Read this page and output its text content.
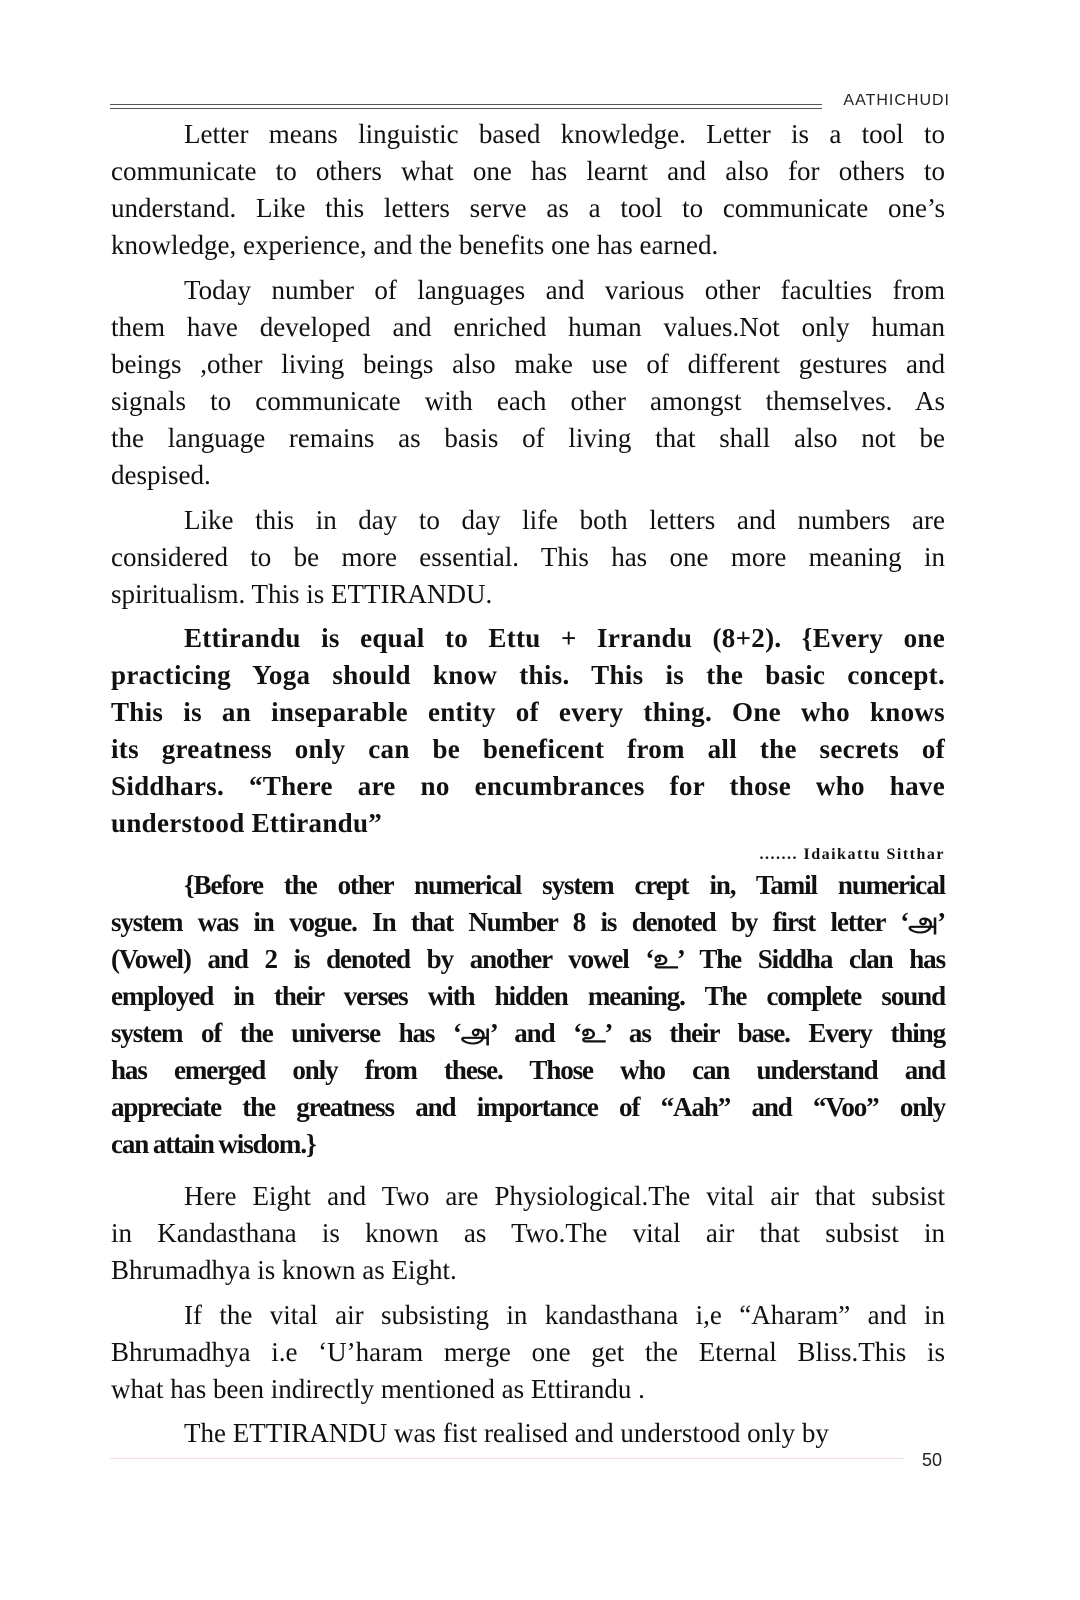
AATHICHUDI
Letter means linguistic based knowledge. Letter is a tool to
communicate to others what one has learnt and also for others to
understand. Like this letters serve as a tool to communicate one’s
knowledge, experience, and the benefits one has earned.
Today number of languages and various other faculties from
them have developed and enriched human values.Not only human
beings ,other living beings also make use of different gestures and
signals to communicate with each other amongst themselves. As
the language remains as basis of living that shall also not be
despised.
Like this in day to day life both letters and numbers are
considered to be more essential. This has one more meaning in
spiritualism. This is ETTIRANDU.
Ettirandu is equal to Ettu + Irrandu (8+2). {Every one
practicing Yoga should know this. This is the basic concept.
This is an inseparable entity of every thing. One who knows
its greatness only can be beneficent from all the secrets of
Siddhars. “There are no encumbrances for those who have
understood Ettirandu”
{Before the other numerical system crept in, Tamil numerical
system was in vogue. In that Number 8 is denoted by first letter ‘அ’
(Vowel) and 2 is denoted by another vowel ‘உ’ The Siddha clan has
employed in their verses with hidden meaning. The complete sound
system of the universe has ‘அ’ and ‘உ’ as their base. Every thing
has emerged only from these. Those who can understand and
appreciate the greatness and importance of “Aah” and “Voo” only
can attain wisdom.}
Here Eight and Two are Physiological.The vital air that subsist
in Kandasthana is known as Two.The vital air that subsist in
Bhrumadhya is known as Eight.
If the vital air subsisting in kandasthana i,e “Aharam” and in
Bhrumadhya i.e ‘U’haram merge one get the Eternal Bliss.This is
what has been indirectly mentioned as Ettirandu .
The ETTIRANDU was fist realised and understood only by
....... Idaikattu Sitthar
50
